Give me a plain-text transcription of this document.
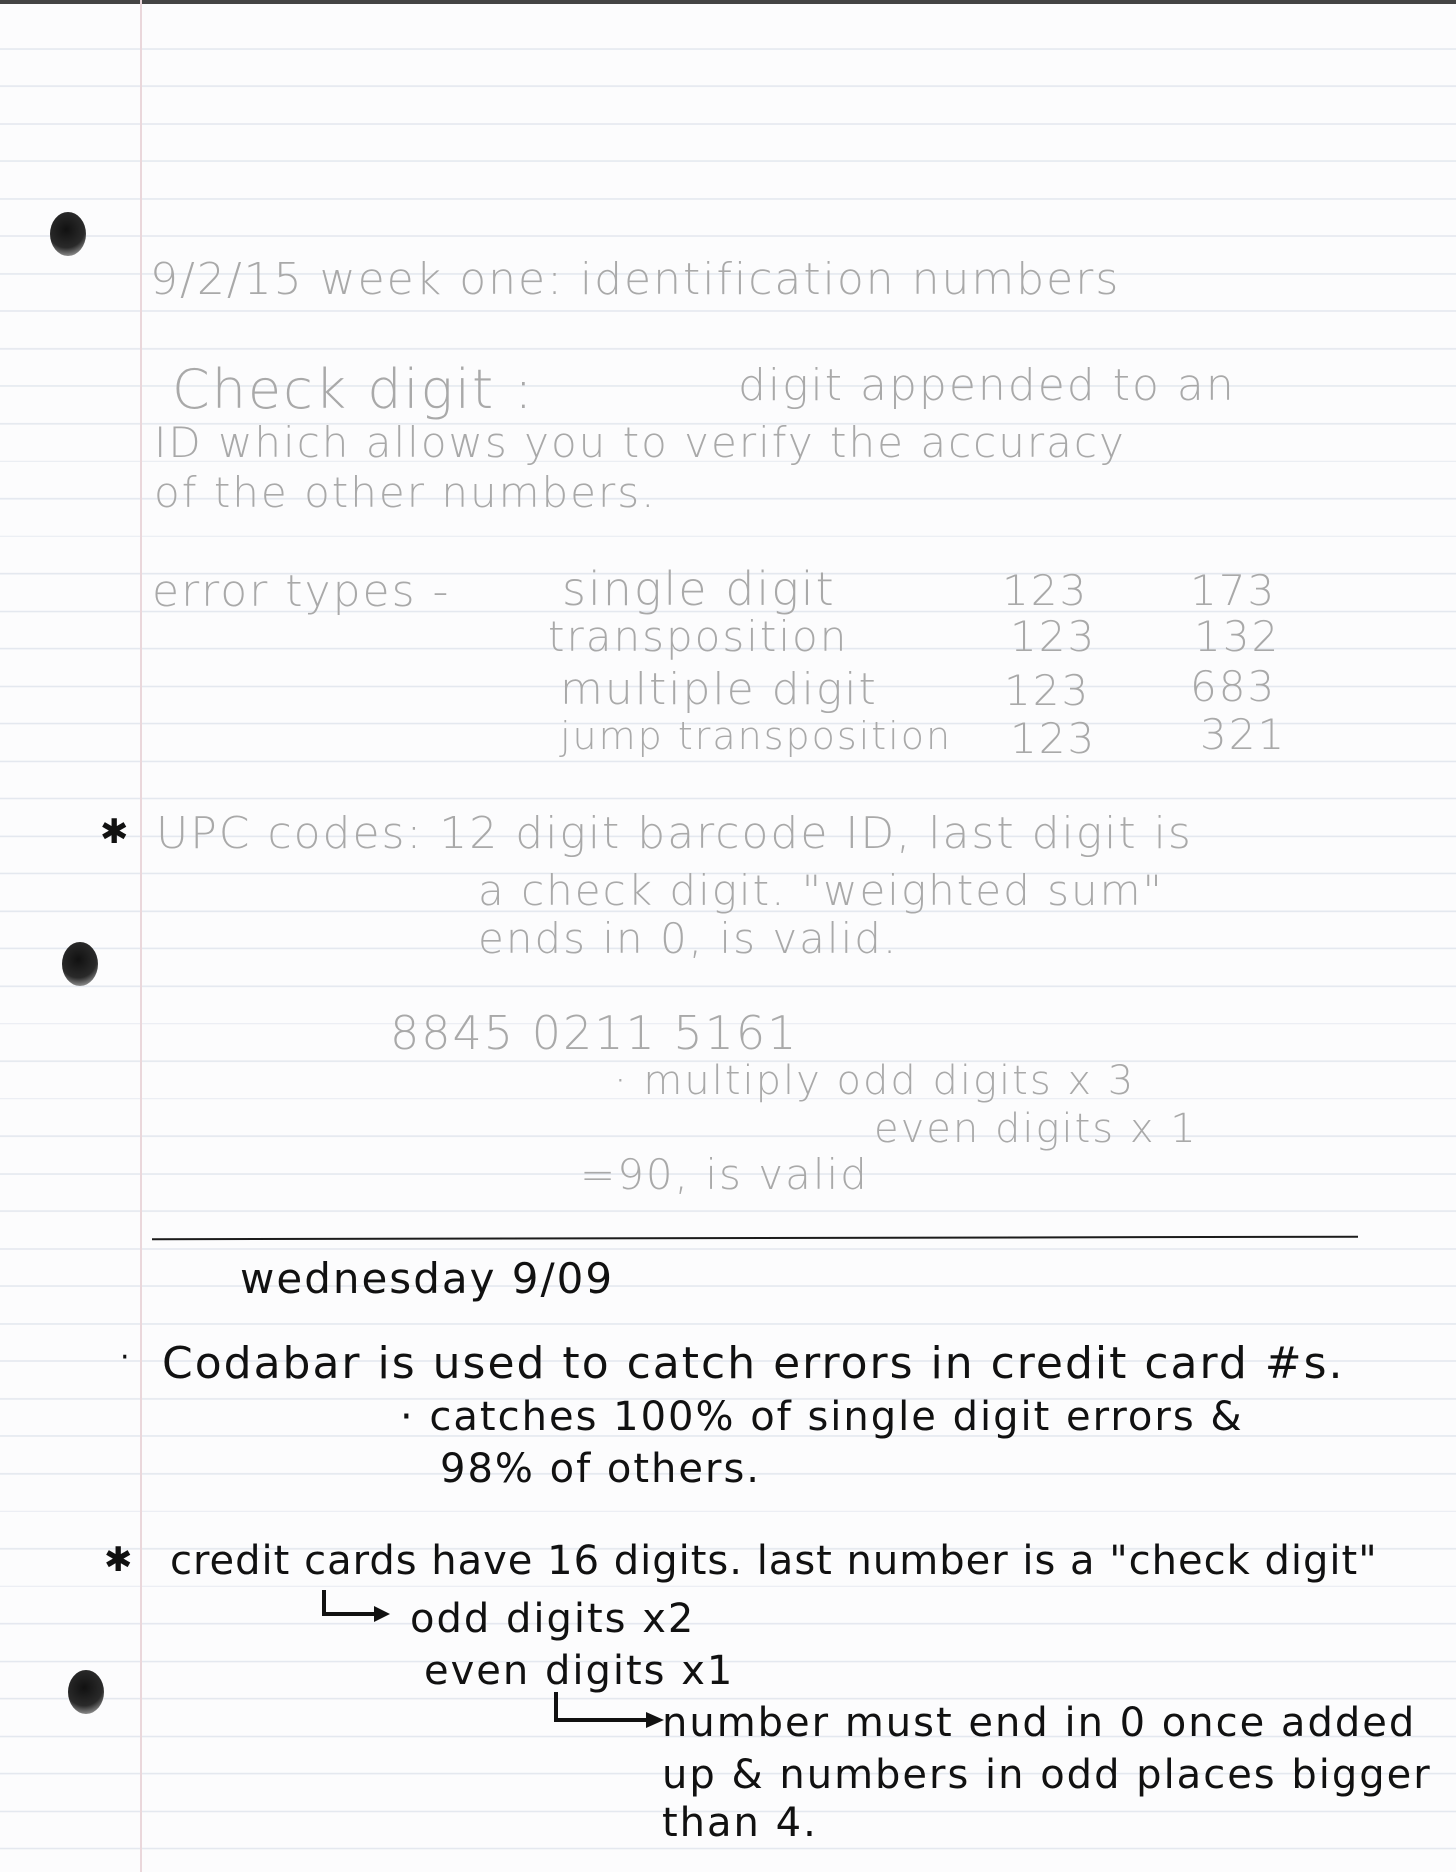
9/2/15 week one: identification numbers
Check digit :	digit appended to an
ID which allows you to verify the accuracy
of the other numbers.
error types - single digit	123 173
transposition	123 132
multiple digit	123 683
jump transposition 123 321
✱ UPC codes: 12 digit barcode ID, last digit is
a check digit. "weighted sum"
ends in 0, is valid.
8845 0211 5161
· multiply odd digits x 3
even digits x 1
=90, is valid
wednesday 9/09
· Codabar is used to catch errors in credit card #s.
· catches 100% of single digit errors &
98% of others.
✱ credit cards have 16 digits. last number is a "check digit"
odd digits x2
even digits x1
number must end in 0 once added
up & numbers in odd places bigger
than 4.
